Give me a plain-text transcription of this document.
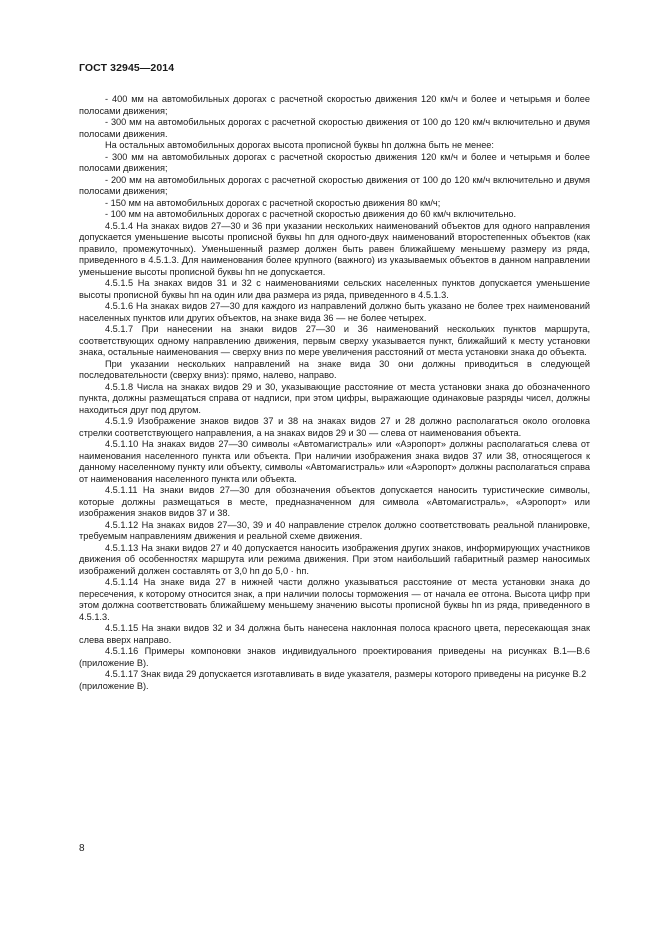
ГОСТ 32945—2014

- 400 мм на автомобильных дорогах с расчетной скоростью движения 120 км/ч и более и четырьмя и более полосами движения;

- 300 мм на автомобильных дорогах с расчетной скоростью движения от 100 до 120 км/ч включительно и двумя полосами движения.

На остальных автомобильных дорогах высота прописной буквы hп должна быть не менее:

- 300 мм на автомобильных дорогах с расчетной скоростью движения 120 км/ч и более и четырьмя и более полосами движения;

- 200 мм на автомобильных дорогах с расчетной скоростью движения от 100 до 120 км/ч включительно и двумя полосами движения;

- 150 мм на автомобильных дорогах с расчетной скоростью движения 80 км/ч;

- 100 мм на автомобильных дорогах с расчетной скоростью движения до 60 км/ч включительно.

4.5.1.4 На знаках видов 27—30 и 36 при указании нескольких наименований объектов для одного направления допускается уменьшение высоты прописной буквы hп для одного-двух наименований второстепенных объектов (как правило, промежуточных). Уменьшенный размер должен быть равен ближайшему меньшему размеру из ряда, приведенного в 4.5.1.3. Для наименования более крупного (важного) из указываемых объектов в данном направлении уменьшение высоты прописной буквы hп не допускается.

4.5.1.5 На знаках видов 31 и 32 с наименованиями сельских населенных пунктов допускается уменьшение высоты прописной буквы hп на один или два размера из ряда, приведенного в 4.5.1.3.

4.5.1.6 На знаках видов 27—30 для каждого из направлений должно быть указано не более трех наименований населенных пунктов или других объектов, на знаке вида 36 — не более четырех.

4.5.1.7 При нанесении на знаки видов 27—30 и 36 наименований нескольких пунктов маршрута, соответствующих одному направлению движения, первым сверху указывается пункт, ближайший к месту установки знака, остальные наименования — сверху вниз по мере увеличения расстояний от места установки знака до объекта.

При указании нескольких направлений на знаке вида 30 они должны приводиться в следующей последовательности (сверху вниз): прямо, налево, направо.

4.5.1.8 Числа на знаках видов 29 и 30, указывающие расстояние от места установки знака до обозначенного пункта, должны размещаться справа от надписи, при этом цифры, выражающие одинаковые разряды чисел, должны находиться друг под другом.

4.5.1.9 Изображение знаков видов 37 и 38 на знаках видов 27 и 28 должно располагаться около оголовка стрелки соответствующего направления, а на знаках видов 29 и 30 — слева от наименования объекта.

4.5.1.10 На знаках видов 27—30 символы «Автомагистраль» или «Аэропорт» должны располагаться слева от наименования населенного пункта или объекта. При наличии изображения знака видов 37 или 38, относящегося к данному населенному пункту или объекту, символы «Автомагистраль» или «Аэропорт» должны располагаться справа от наименования населенного пункта или объекта.

4.5.1.11 На знаки видов 27—30 для обозначения объектов допускается наносить туристические символы, которые должны размещаться в месте, предназначенном для символа «Автомагистраль», «Аэропорт» или изображения знаков видов 37 и 38.

4.5.1.12 На знаках видов 27—30, 39 и 40 направление стрелок должно соответствовать реальной планировке, требуемым направлениям движения и реальной схеме движения.

4.5.1.13 На знаки видов 27 и 40 допускается наносить изображения других знаков, информирующих участников движения об особенностях маршрута или режима движения. При этом наибольший габаритный размер наносимых изображений должен составлять от 3,0 hп до 5,0 · hп.

4.5.1.14 На знаке вида 27 в нижней части должно указываться расстояние от места установки знака до пересечения, к которому относится знак, а при наличии полосы торможения — от начала ее отгона. Высота цифр при этом должна соответствовать ближайшему меньшему значению высоты прописной буквы hп из ряда, приведенного в 4.5.1.3.

4.5.1.15 На знаки видов 32 и 34 должна быть нанесена наклонная полоса красного цвета, пересекающая знак слева вверх направо.

4.5.1.16 Примеры компоновки знаков индивидуального проектирования приведены на рисунках В.1—В.6 (приложение В).

4.5.1.17 Знак вида 29 допускается изготавливать в виде указателя, размеры которого приведены на рисунке В.2 (приложение В).

8
